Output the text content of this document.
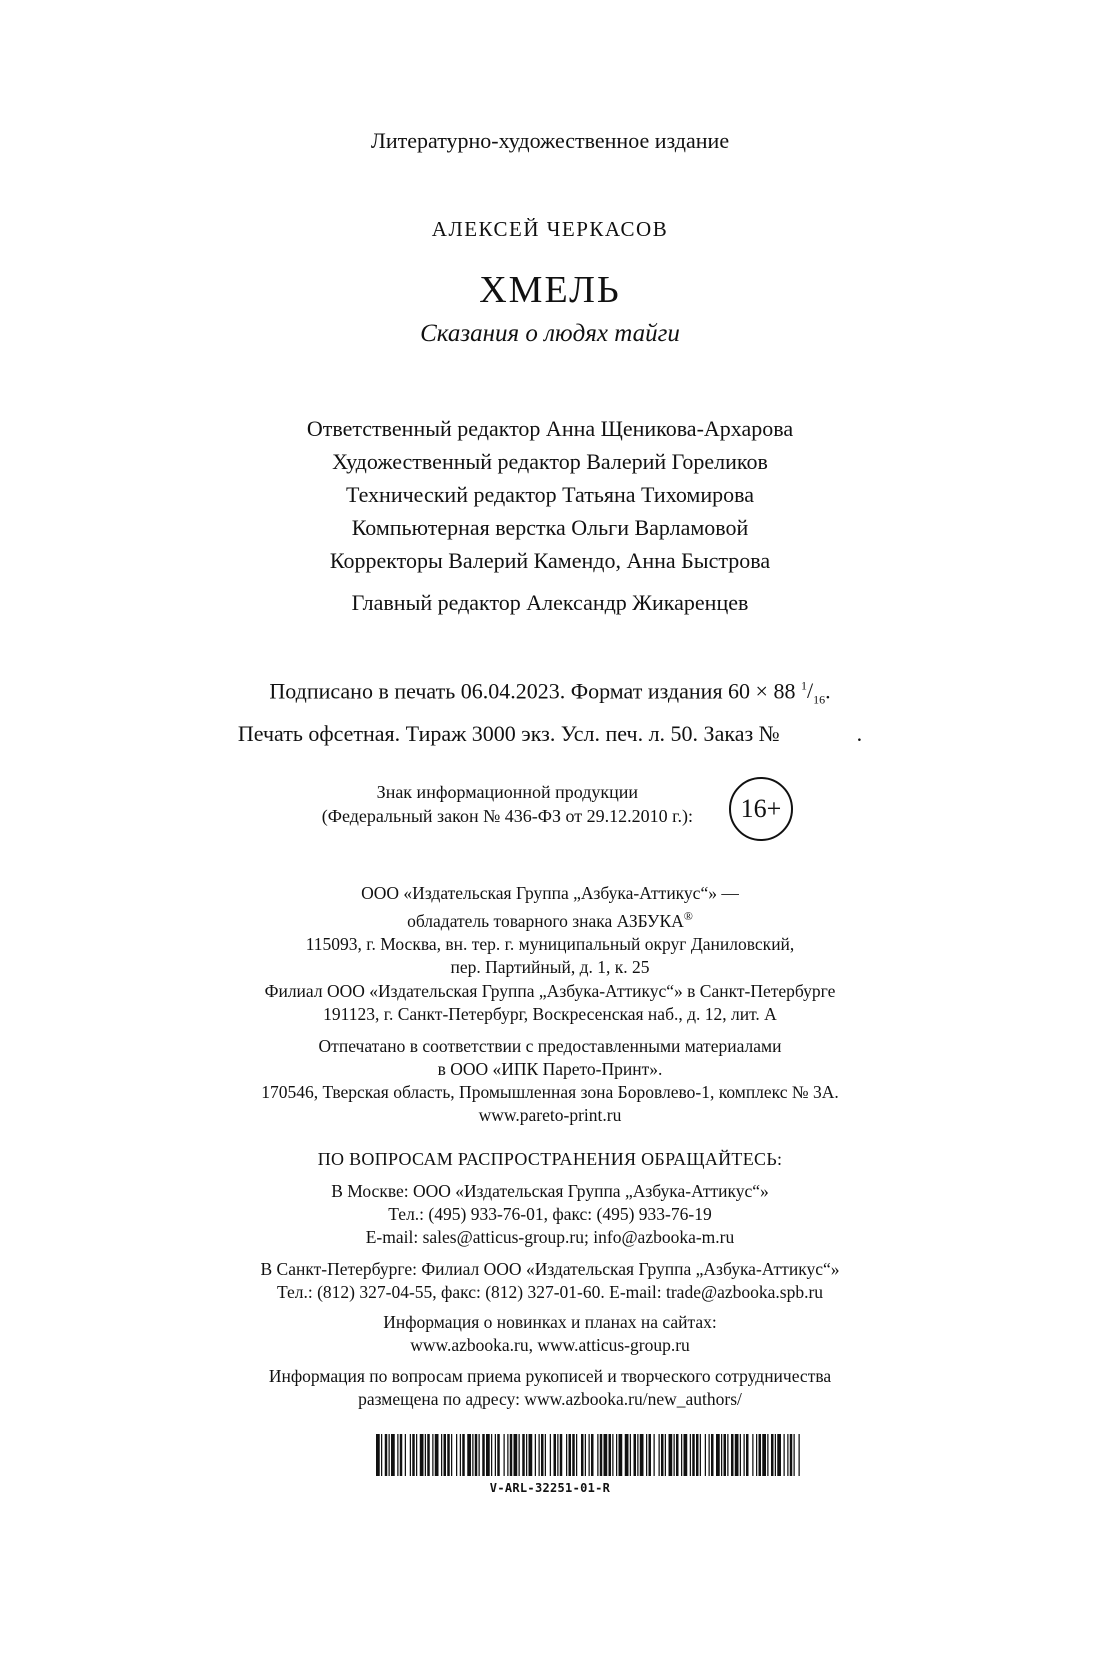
Литературно-художественное издание
АЛЕКСЕЙ ЧЕРКАСОВ
ХМЕЛЬ
Сказания о людях тайги
Ответственный редактор Анна Щеникова-Архарова
Художественный редактор Валерий Гореликов
Технический редактор Татьяна Тихомирова
Компьютерная верстка Ольги Варламовой
Корректоры Валерий Камендо, Анна Быстрова
Главный редактор Александр Жикаренцев
Подписано в печать 06.04.2023. Формат издания 60 × 88 $^1/_{16}$.
Печать офсетная. Тираж 3000 экз. Усл. печ. л. 50. Заказ №	.
Знак информационной продукции
(Федеральный закон № 436-ФЗ от 29.12.2010 г.):	16+
ООО «Издательская Группа „Азбука-Аттикус“» —
обладатель товарного знака АЗБУКА®
115093, г. Москва, вн. тер. г. муниципальный округ Даниловский,
пер. Партийный, д. 1, к. 25
Филиал ООО «Издательская Группа „Азбука-Аттикус“» в Санкт-Петербурге
191123, г. Санкт-Петербург, Воскресенская наб., д. 12, лит. А
Отпечатано в соответствии с предоставленными материалами
в ООО «ИПК Парето-Принт».
170546, Тверская область, Промышленная зона Боровлево-1, комплекс № 3А.
www.pareto-print.ru
ПО ВОПРОСАМ РАСПРОСТРАНЕНИЯ ОБРАЩАЙТЕСЬ:
В Москве: ООО «Издательская Группа „Азбука-Аттикус“»
Тел.: (495) 933-76-01, факс: (495) 933-76-19
E-mail: sales@atticus-group.ru; info@azbooka-m.ru
В Санкт-Петербурге: Филиал ООО «Издательская Группа „Азбука-Аттикус“»
Тел.: (812) 327-04-55, факс: (812) 327-01-60. E-mail: trade@azbooka.spb.ru
Информация о новинках и планах на сайтах:
www.azbooka.ru, www.atticus-group.ru
Информация по вопросам приема рукописей и творческого сотрудничества
размещена по адресу: www.azbooka.ru/new_authors/
V-ARL-32251-01-R
